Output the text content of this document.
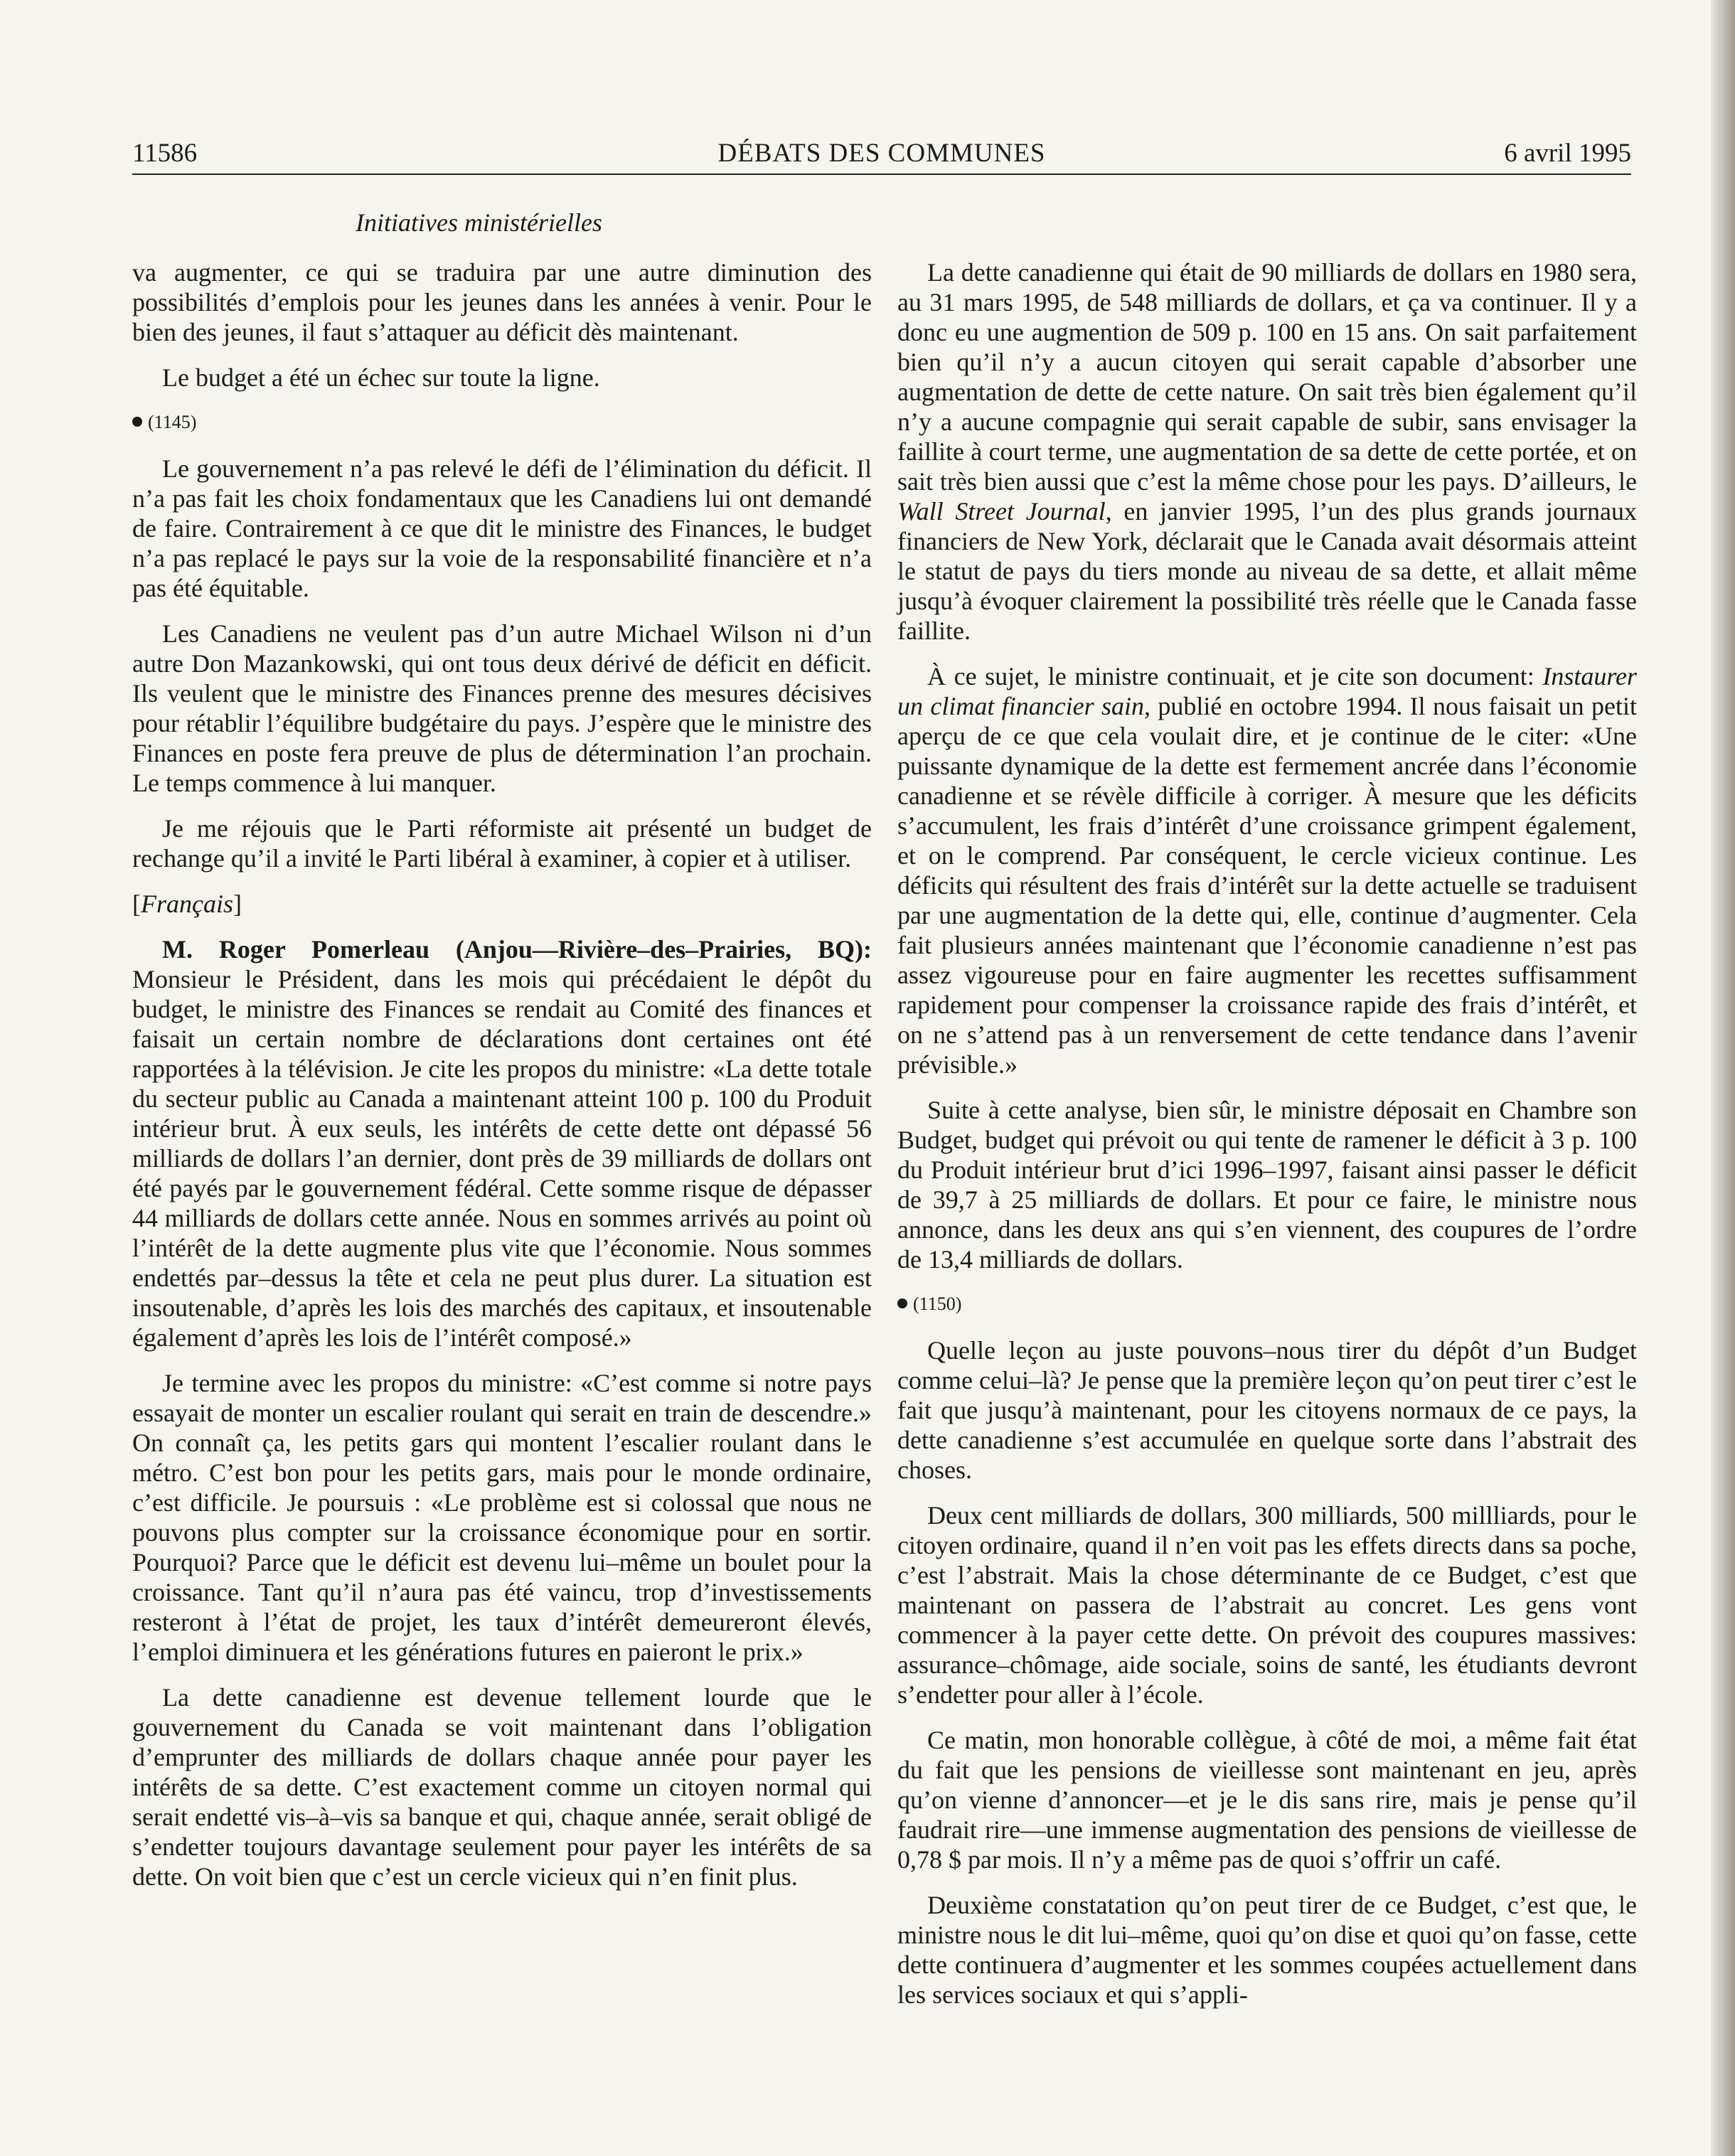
11586	DÉBATS DES COMMUNES	6 avril 1995
Initiatives ministérielles

va augmenter, ce qui se traduira par une autre diminution des possibilités d’emplois pour les jeunes dans les années à venir. Pour le bien des jeunes, il faut s’attaquer au déficit dès maintenant.

Le budget a été un échec sur toute la ligne.

(1145)

Le gouvernement n’a pas relevé le défi de l’élimination du déficit. Il n’a pas fait les choix fondamentaux que les Canadiens lui ont demandé de faire. Contrairement à ce que dit le ministre des Finances, le budget n’a pas replacé le pays sur la voie de la responsabilité financière et n’a pas été équitable.

Les Canadiens ne veulent pas d’un autre Michael Wilson ni d’un autre Don Mazankowski, qui ont tous deux dérivé de déficit en déficit. Ils veulent que le ministre des Finances prenne des mesures décisives pour rétablir l’équilibre budgétaire du pays. J’espère que le ministre des Finances en poste fera preuve de plus de détermination l’an prochain. Le temps commence à lui manquer.

Je me réjouis que le Parti réformiste ait présenté un budget de rechange qu’il a invité le Parti libéral à examiner, à copier et à utiliser.

[Français]

M. Roger Pomerleau (Anjou—Rivière–des–Prairies, BQ): Monsieur le Président, dans les mois qui précédaient le dépôt du budget, le ministre des Finances se rendait au Comité des finances et faisait un certain nombre de déclarations dont certaines ont été rapportées à la télévision. Je cite les propos du ministre: «La dette totale du secteur public au Canada a maintenant atteint 100 p. 100 du Produit intérieur brut. À eux seuls, les intérêts de cette dette ont dépassé 56 milliards de dollars l’an dernier, dont près de 39 milliards de dollars ont été payés par le gouvernement fédéral. Cette somme risque de dépasser 44 milliards de dollars cette année. Nous en sommes arrivés au point où l’intérêt de la dette augmente plus vite que l’économie. Nous sommes endettés par–dessus la tête et cela ne peut plus durer. La situation est insoutenable, d’après les lois des marchés des capitaux, et insoutenable également d’après les lois de l’intérêt composé.»

Je termine avec les propos du ministre: «C’est comme si notre pays essayait de monter un escalier roulant qui serait en train de descendre.» On connaît ça, les petits gars qui montent l’escalier roulant dans le métro. C’est bon pour les petits gars, mais pour le monde ordinaire, c’est difficile. Je poursuis : «Le problème est si colossal que nous ne pouvons plus compter sur la croissance économique pour en sortir. Pourquoi? Parce que le déficit est devenu lui–même un boulet pour la croissance. Tant qu’il n’aura pas été vaincu, trop d’investissements resteront à l’état de projet, les taux d’intérêt demeureront élevés, l’emploi diminuera et les générations futures en paieront le prix.»

La dette canadienne est devenue tellement lourde que le gouvernement du Canada se voit maintenant dans l’obligation d’emprunter des milliards de dollars chaque année pour payer les intérêts de sa dette. C’est exactement comme un citoyen normal qui serait endetté vis–à–vis sa banque et qui, chaque année, serait obligé de s’endetter toujours davantage seulement pour payer les intérêts de sa dette. On voit bien que c’est un cercle vicieux qui n’en finit plus.

La dette canadienne qui était de 90 milliards de dollars en 1980 sera, au 31 mars 1995, de 548 milliards de dollars, et ça va continuer. Il y a donc eu une augmention de 509 p. 100 en 15 ans. On sait parfaitement bien qu’il n’y a aucun citoyen qui serait capable d’absorber une augmentation de dette de cette nature. On sait très bien également qu’il n’y a aucune compagnie qui serait capable de subir, sans envisager la faillite à court terme, une augmentation de sa dette de cette portée, et on sait très bien aussi que c’est la même chose pour les pays. D’ailleurs, le Wall Street Journal, en janvier 1995, l’un des plus grands journaux financiers de New York, déclarait que le Canada avait désormais atteint le statut de pays du tiers monde au niveau de sa dette, et allait même jusqu’à évoquer clairement la possibilité très réelle que le Canada fasse faillite.

À ce sujet, le ministre continuait, et je cite son document: Instaurer un climat financier sain, publié en octobre 1994. Il nous faisait un petit aperçu de ce que cela voulait dire, et je continue de le citer: «Une puissante dynamique de la dette est fermement ancrée dans l’économie canadienne et se révèle difficile à corriger. À mesure que les déficits s’accumulent, les frais d’intérêt d’une croissance grimpent également, et on le comprend. Par conséquent, le cercle vicieux continue. Les déficits qui résultent des frais d’intérêt sur la dette actuelle se traduisent par une augmentation de la dette qui, elle, continue d’augmenter. Cela fait plusieurs années maintenant que l’économie canadienne n’est pas assez vigoureuse pour en faire augmenter les recettes suffisamment rapidement pour compenser la croissance rapide des frais d’intérêt, et on ne s’attend pas à un renversement de cette tendance dans l’avenir prévisible.»

Suite à cette analyse, bien sûr, le ministre déposait en Chambre son Budget, budget qui prévoit ou qui tente de ramener le déficit à 3 p. 100 du Produit intérieur brut d’ici 1996–1997, faisant ainsi passer le déficit de 39,7 à 25 milliards de dollars. Et pour ce faire, le ministre nous annonce, dans les deux ans qui s’en viennent, des coupures de l’ordre de 13,4 milliards de dollars.

(1150)

Quelle leçon au juste pouvons–nous tirer du dépôt d’un Budget comme celui–là? Je pense que la première leçon qu’on peut tirer c’est le fait que jusqu’à maintenant, pour les citoyens normaux de ce pays, la dette canadienne s’est accumulée en quelque sorte dans l’abstrait des choses.

Deux cent milliards de dollars, 300 milliards, 500 millliards, pour le citoyen ordinaire, quand il n’en voit pas les effets directs dans sa poche, c’est l’abstrait. Mais la chose déterminante de ce Budget, c’est que maintenant on passera de l’abstrait au concret. Les gens vont commencer à la payer cette dette. On prévoit des coupures massives: assurance–chômage, aide sociale, soins de santé, les étudiants devront s’endetter pour aller à l’école.

Ce matin, mon honorable collègue, à côté de moi, a même fait état du fait que les pensions de vieillesse sont maintenant en jeu, après qu’on vienne d’annoncer—et je le dis sans rire, mais je pense qu’il faudrait rire—une immense augmentation des pensions de vieillesse de 0,78 $ par mois. Il n’y a même pas de quoi s’offrir un café.

Deuxième constatation qu’on peut tirer de ce Budget, c’est que, le ministre nous le dit lui–même, quoi qu’on dise et quoi qu’on fasse, cette dette continuera d’augmenter et les sommes coupées actuellement dans les services sociaux et qui s’appli-
